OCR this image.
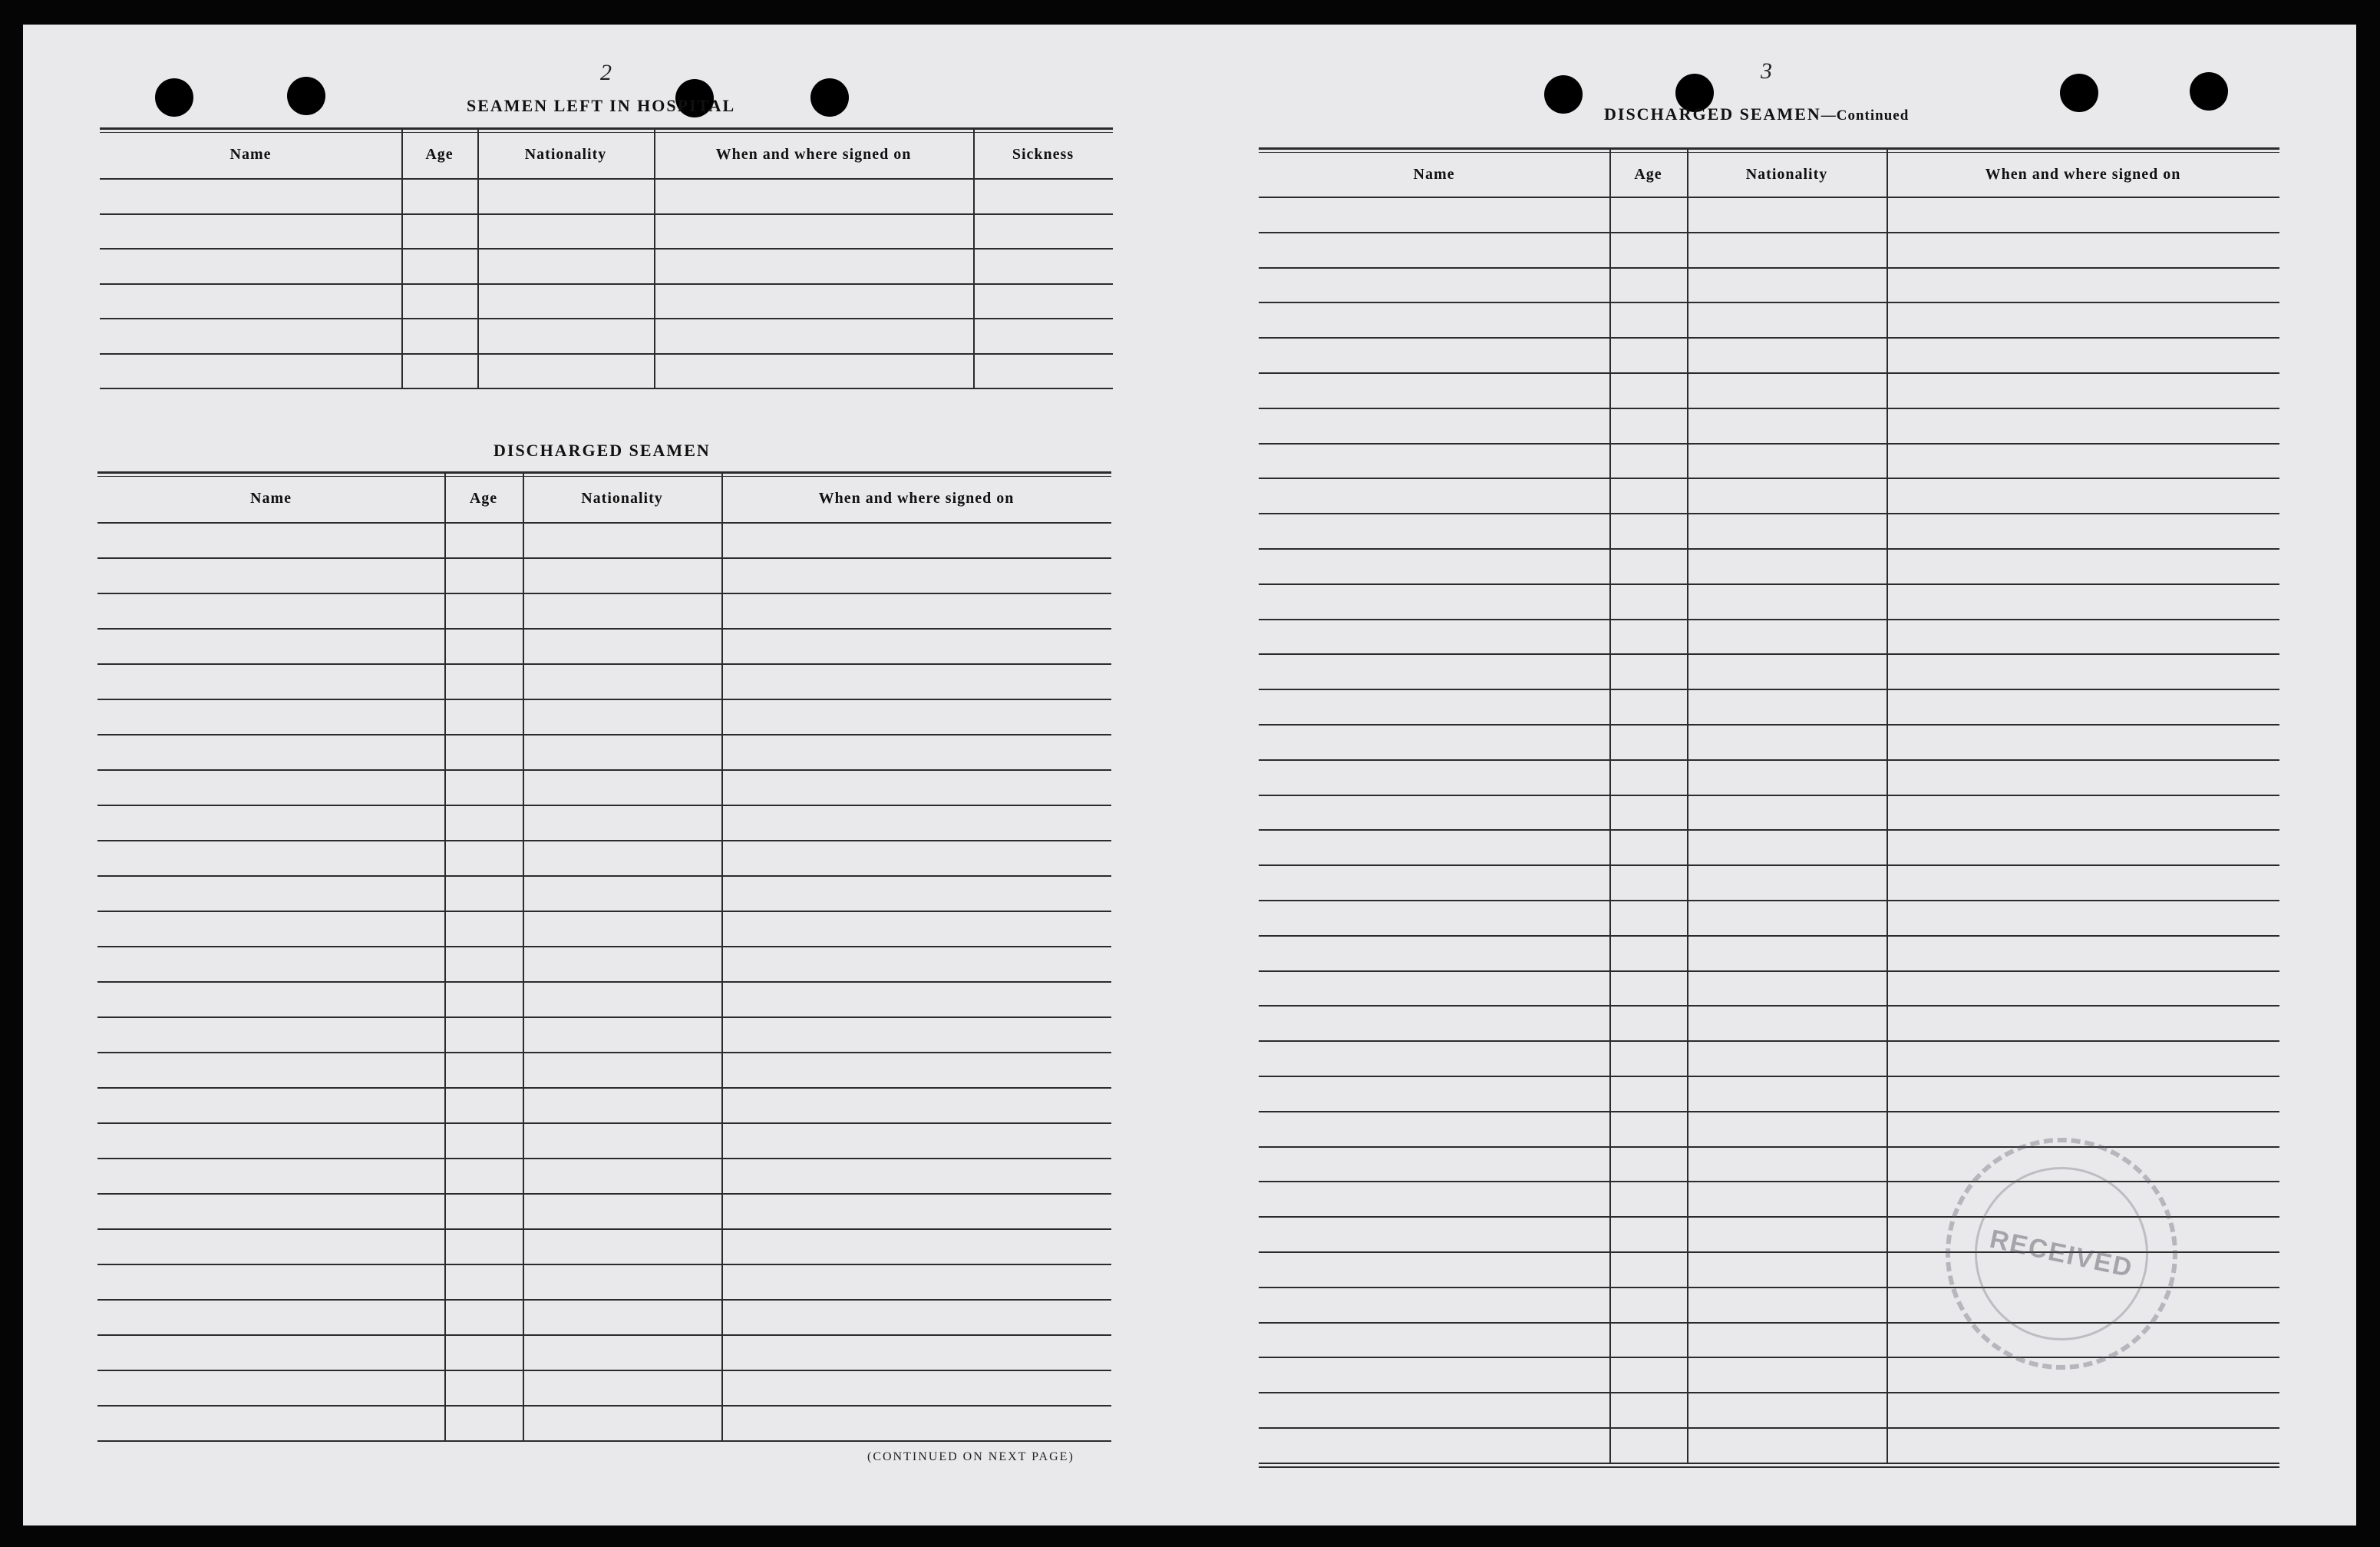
2
SEAMEN LEFT IN HOSPITAL
Name	Age	Nationality	When and where signed on	Sickness
DISCHARGED SEAMEN
Name	Age	Nationality	When and where signed on
(CONTINUED ON NEXT PAGE)
3
DISCHARGED SEAMEN—Continued
Name	Age	Nationality	When and where signed on
RECEIVED
